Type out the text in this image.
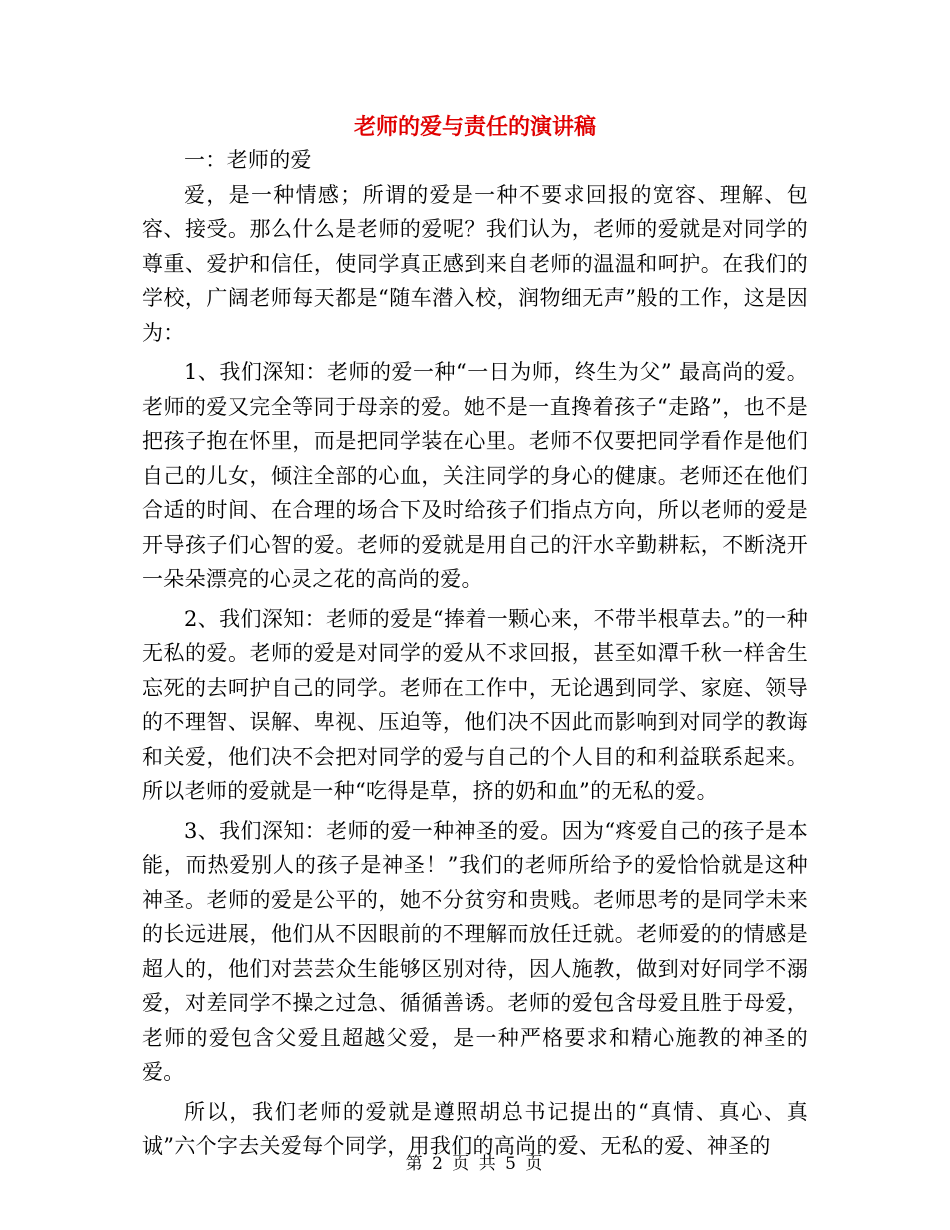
老师的爱与责任的演讲稿

一：老师的爱

爱，是一种情感；所谓的爱是一种不要求回报的宽容、理解、包容、接受。那么什么是老师的爱呢？我们认为，老师的爱就是对同学的尊重、爱护和信任，使同学真正感到来自老师的温温和呵护。在我们的学校，广阔老师每天都是“随车潜入校，润物细无声”般的工作，这是因为：

1、我们深知：老师的爱一种“一日为师，终生为父” 最高尚的爱。老师的爱又完全等同于母亲的爱。她不是一直搀着孩子“走路”，也不是把孩子抱在怀里，而是把同学装在心里。老师不仅要把同学看作是他们自己的儿女，倾注全部的心血，关注同学的身心的健康。老师还在他们合适的时间、在合理的场合下及时给孩子们指点方向，所以老师的爱是开导孩子们心智的爱。老师的爱就是用自己的汗水辛勤耕耘，不断浇开一朵朵漂亮的心灵之花的高尚的爱。

2、我们深知：老师的爱是“捧着一颗心来，不带半根草去。”的一种无私的爱。老师的爱是对同学的爱从不求回报，甚至如潭千秋一样舍生忘死的去呵护自己的同学。老师在工作中，无论遇到同学、家庭、领导的不理智、误解、卑视、压迫等，他们决不因此而影响到对同学的教诲和关爱，他们决不会把对同学的爱与自己的个人目的和利益联系起来。所以老师的爱就是一种“吃得是草，挤的奶和血”的无私的爱。

3、我们深知：老师的爱一种神圣的爱。因为“疼爱自己的孩子是本能，而热爱别人的孩子是神圣！”我们的老师所给予的爱恰恰就是这种神圣。老师的爱是公平的，她不分贫穷和贵贱。老师思考的是同学未来的长远进展，他们从不因眼前的不理解而放任迁就。老师爱的的情感是超人的，他们对芸芸众生能够区别对待，因人施教，做到对好同学不溺爱，对差同学不操之过急、循循善诱。老师的爱包含母爱且胜于母爱，老师的爱包含父爱且超越父爱，是一种严格要求和精心施教的神圣的爱。

所以，我们老师的爱就是遵照胡总书记提出的“真情、真心、真诚”六个字去关爱每个同学，用我们的高尚的爱、无私的爱、神圣的

第 2 页 共 5 页
